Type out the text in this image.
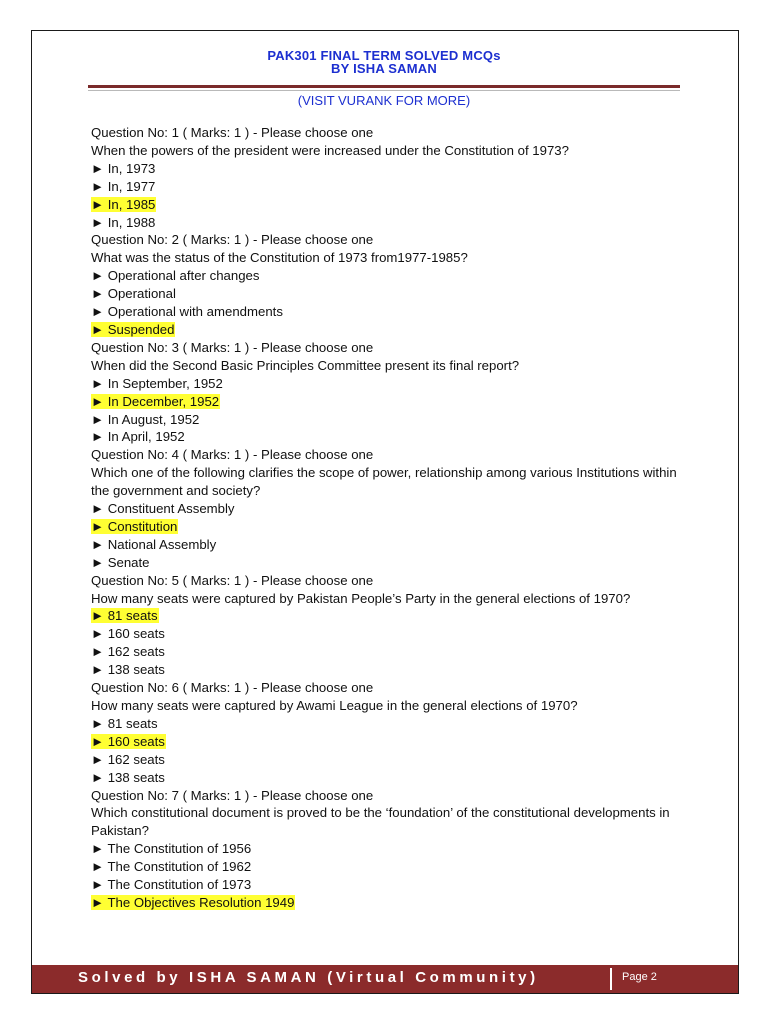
PAK301 FINAL TERM SOLVED MCQs
BY ISHA SAMAN
(VISIT VURANK FOR MORE)
Question No: 1 ( Marks: 1 ) - Please choose one
When the powers of the president were increased under the Constitution of 1973?
► In, 1973
► In, 1977
► In, 1985
► In, 1988
Question No: 2 ( Marks: 1 ) - Please choose one
What was the status of the Constitution of 1973 from1977-1985?
► Operational after changes
► Operational
► Operational with amendments
► Suspended
Question No: 3 ( Marks: 1 ) - Please choose one
When did the Second Basic Principles Committee present its final report?
► In September, 1952
► In December, 1952
► In August, 1952
► In April, 1952
Question No: 4 ( Marks: 1 ) - Please choose one
Which one of the following clarifies the scope of power, relationship among various Institutions within the government and society?
► Constituent Assembly
► Constitution
► National Assembly
► Senate
Question No: 5 ( Marks: 1 ) - Please choose one
How many seats were captured by Pakistan People’s Party in the general elections of 1970?
► 81 seats
► 160 seats
► 162 seats
► 138 seats
Question No: 6 ( Marks: 1 ) - Please choose one
How many seats were captured by Awami League in the general elections of 1970?
► 81 seats
► 160 seats
► 162 seats
► 138 seats
Question No: 7 ( Marks: 1 ) - Please choose one
Which constitutional document is proved to be the ‘foundation’ of the constitutional developments in Pakistan?
► The Constitution of 1956
► The Constitution of 1962
► The Constitution of 1973
► The Objectives Resolution 1949
Solved by ISHA SAMAN (Virtual Community)	Page 2
